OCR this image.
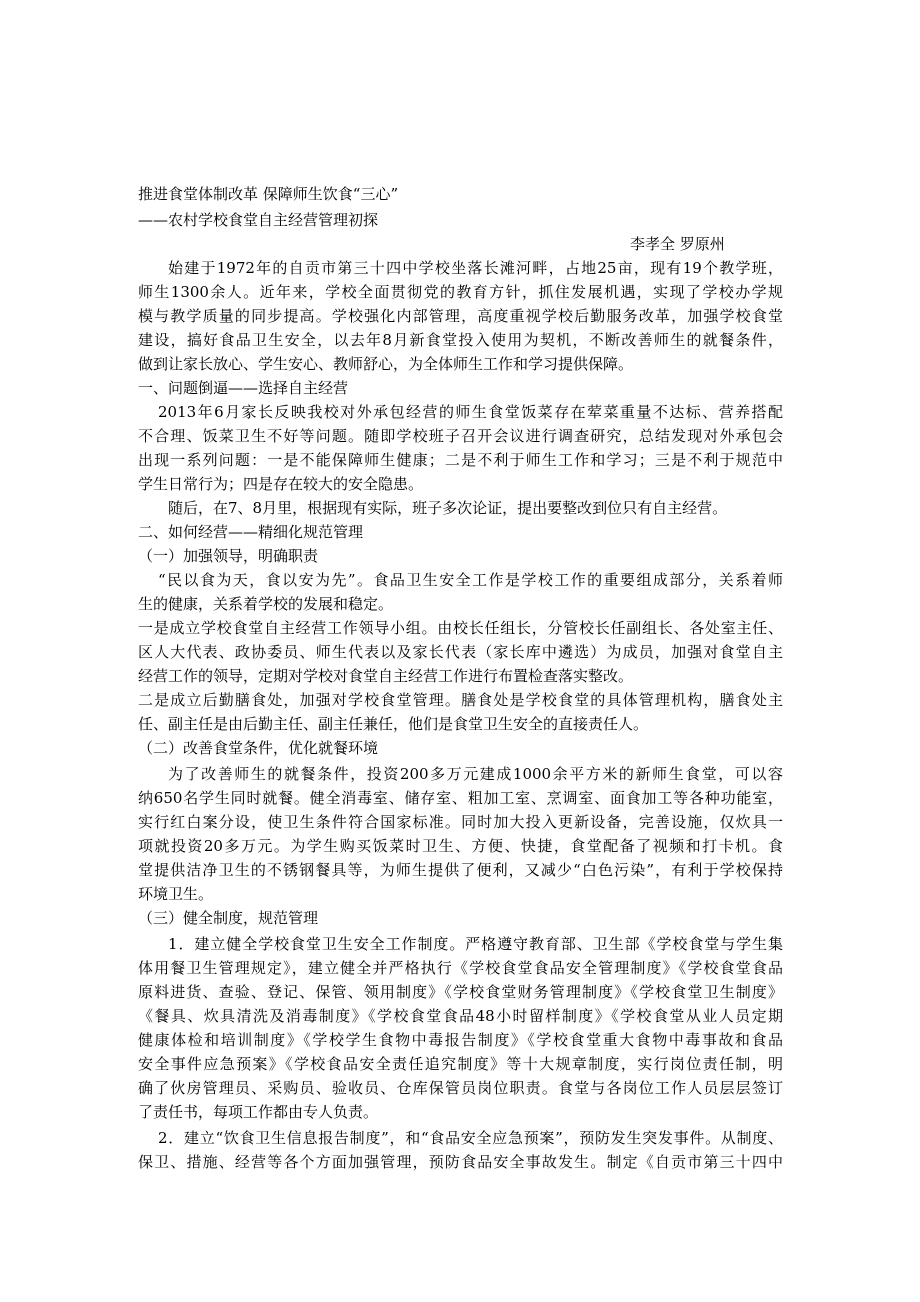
推进食堂体制改革 保障师生饮食“三心”
——农村学校食堂自主经营管理初探
李孝全 罗原州
始建于1972年的自贡市第三十四中学校坐落长滩河畔，占地25亩，现有19个教学班，
师生1300余人。近年来，学校全面贯彻党的教育方针，抓住发展机遇，实现了学校办学规
模与教学质量的同步提高。学校强化内部管理，高度重视学校后勤服务改革，加强学校食堂
建设，搞好食品卫生安全，以去年8月新食堂投入使用为契机，不断改善师生的就餐条件，
做到让家长放心、学生安心、教师舒心，为全体师生工作和学习提供保障。
一、问题倒逼——选择自主经营
2013年6月家长反映我校对外承包经营的师生食堂饭菜存在荤菜重量不达标、营养搭配
不合理、饭菜卫生不好等问题。随即学校班子召开会议进行调查研究，总结发现对外承包会
出现一系列问题：一是不能保障师生健康；二是不利于师生工作和学习；三是不利于规范中
学生日常行为；四是存在较大的安全隐患。
随后，在7、8月里，根据现有实际，班子多次论证，提出要整改到位只有自主经营。
二、如何经营——精细化规范管理
（一）加强领导，明确职责
“民以食为天，食以安为先”。食品卫生安全工作是学校工作的重要组成部分，关系着师
生的健康，关系着学校的发展和稳定。
一是成立学校食堂自主经营工作领导小组。由校长任组长，分管校长任副组长、各处室主任、
区人大代表、政协委员、师生代表以及家长代表（家长库中遴选）为成员，加强对食堂自主
经营工作的领导，定期对学校对食堂自主经营工作进行布置检查落实整改。
二是成立后勤膳食处，加强对学校食堂管理。膳食处是学校食堂的具体管理机构，膳食处主
任、副主任是由后勤主任、副主任兼任，他们是食堂卫生安全的直接责任人。
（二）改善食堂条件，优化就餐环境
为了改善师生的就餐条件，投资200多万元建成1000余平方米的新师生食堂，可以容
纳650名学生同时就餐。健全消毒室、储存室、粗加工室、烹调室、面食加工等各种功能室，
实行红白案分设，使卫生条件符合国家标准。同时加大投入更新设备，完善设施，仅炊具一
项就投资20多万元。为学生购买饭菜时卫生、方便、快捷，食堂配备了视频和打卡机。食
堂提供洁净卫生的不锈钢餐具等，为师生提供了便利，又减少“白色污染”，有利于学校保持
环境卫生。
（三）健全制度，规范管理
1．建立健全学校食堂卫生安全工作制度。严格遵守教育部、卫生部《学校食堂与学生集
体用餐卫生管理规定》，建立健全并严格执行《学校食堂食品安全管理制度》《学校食堂食品
原料进货、查验、登记、保管、领用制度》《学校食堂财务管理制度》《学校食堂卫生制度》
《餐具、炊具清洗及消毒制度》《学校食堂食品48小时留样制度》《学校食堂从业人员定期
健康体检和培训制度》《学校学生食物中毒报告制度》《学校食堂重大食物中毒事故和食品
安全事件应急预案》《学校食品安全责任追究制度》等十大规章制度，实行岗位责任制，明
确了伙房管理员、采购员、验收员、仓库保管员岗位职责。食堂与各岗位工作人员层层签订
了责任书，每项工作都由专人负责。
2．建立“饮食卫生信息报告制度”，和“食品安全应急预案”，预防发生突发事件。从制度、
保卫、措施、经营等各个方面加强管理，预防食品安全事故发生。制定《自贡市第三十四中
